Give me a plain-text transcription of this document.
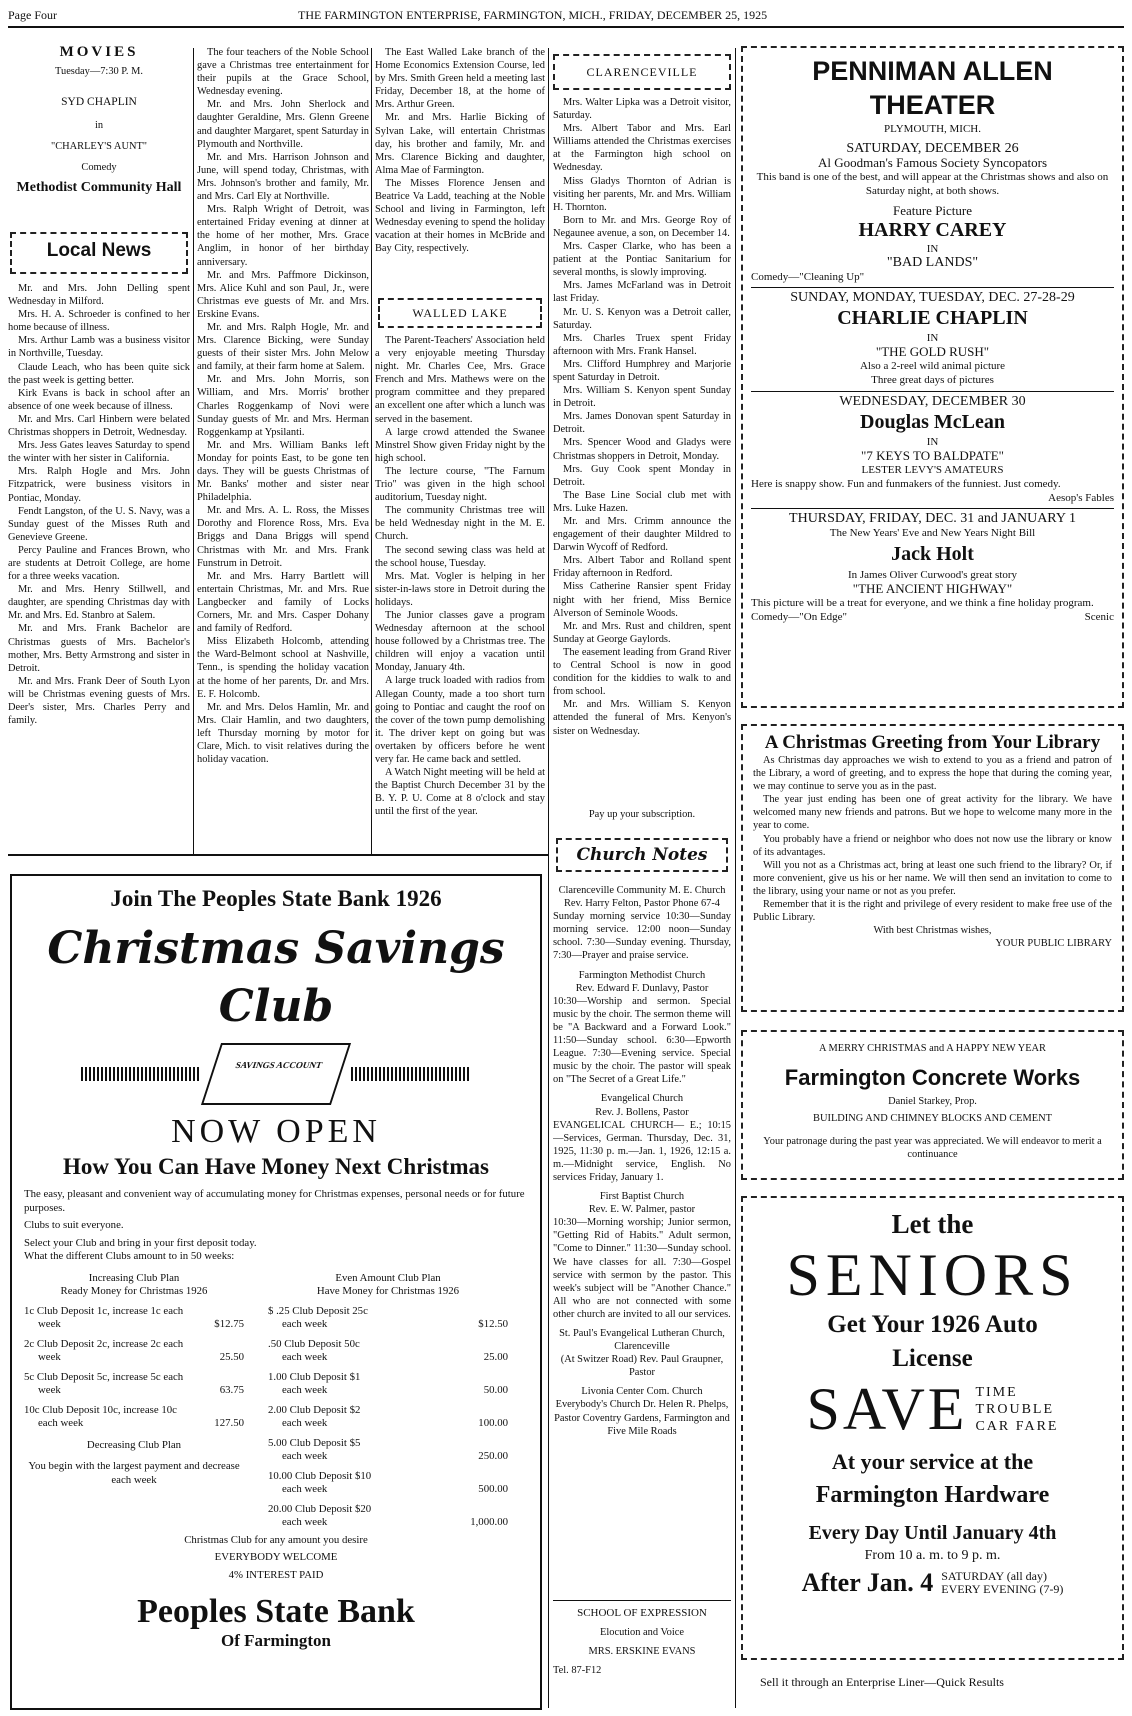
Page Four	THE FARMINGTON ENTERPRISE, FARMINGTON, MICH., FRIDAY, DECEMBER 25, 1925
MOVIES
Tuesday—7:30 P. M.
SYD CHAPLIN
in
"CHARLEY'S AUNT"
Comedy
Methodist Community Hall
Local News

Mr. and Mrs. John Delling spent Wednesday in Milford.

Mrs. H. A. Schroeder is confined to her home because of illness.

Mrs. Arthur Lamb was a business visitor in Northville, Tuesday.

Claude Leach, who has been quite sick the past week is getting better.

Kirk Evans is back in school after an absence of one week because of illness.

Mr. and Mrs. Carl Hinbern were belated Christmas shoppers in Detroit, Wednesday.

Mrs. Jess Gates leaves Saturday to spend the winter with her sister in California.

Mrs. Ralph Hogle and Mrs. John Fitzpatrick, were business visitors in Pontiac, Monday.

Fendt Langston, of the U. S. Navy, was a Sunday guest of the Misses Ruth and Genevieve Greene.

Percy Pauline and Frances Brown, who are students at Detroit College, are home for a three weeks vacation.

Mr. and Mrs. Henry Stillwell, and daughter, are spending Christmas day with Mr. and Mrs. Ed. Stanbro at Salem.

Mr. and Mrs. Frank Bachelor are Christmas guests of Mrs. Bachelor's mother, Mrs. Betty Armstrong and sister in Detroit.

Mr. and Mrs. Frank Deer of South Lyon will be Christmas evening guests of Mrs. Deer's sister, Mrs. Charles Perry and family.

The four teachers of the Noble School gave a Christmas tree entertainment for their pupils at the Grace School, Wednesday evening.

Mr. and Mrs. John Sherlock and daughter Geraldine, Mrs. Glenn Greene and daughter Margaret, spent Saturday in Plymouth and Northville.

Mr. and Mrs. Harrison Johnson and June, will spend today, Christmas, with Mrs. Johnson's brother and family, Mr. and Mrs. Carl Ely at Northville.

Mrs. Ralph Wright of Detroit, was entertained Friday evening at dinner at the home of her mother, Mrs. Grace Anglim, in honor of her birthday anniversary.

Mr. and Mrs. Paffmore Dickinson, Mrs. Alice Kuhl and son Paul, Jr., were Christmas eve guests of Mr. and Mrs. Erskine Evans.

Mr. and Mrs. Ralph Hogle, Mr. and Mrs. Clarence Bicking, were Sunday guests of their sister Mrs. John Melow and family, at their farm home at Salem.

Mr. and Mrs. John Morris, son William, and Mrs. Morris' brother Charles Roggenkamp of Novi were Sunday guests of Mr. and Mrs. Herman Roggenkamp at Ypsilanti.

Mr. and Mrs. William Banks left Monday for points East, to be gone ten days. They will be guests Christmas of Mr. Banks' mother and sister near Philadelphia.

Mr. and Mrs. A. L. Ross, the Misses Dorothy and Florence Ross, Mrs. Eva Briggs and Dana Briggs will spend Christmas with Mr. and Mrs. Frank Funstrum in Detroit.

Mr. and Mrs. Harry Bartlett will entertain Christmas, Mr. and Mrs. Rue Langbecker and family of Locks Corners, Mr. and Mrs. Casper Dohany and family of Redford.

Miss Elizabeth Holcomb, attending the Ward-Belmont school at Nashville, Tenn., is spending the holiday vacation at the home of her parents, Dr. and Mrs. E. F. Holcomb.

Mr. and Mrs. Delos Hamlin, Mr. and Mrs. Clair Hamlin, and two daughters, left Thursday morning by motor for Clare, Mich. to visit relatives during the holiday vacation.

The East Walled Lake branch of the Home Economics Extension Course, led by Mrs. Smith Green held a meeting last Friday, December 18, at the home of Mrs. Arthur Green.

Mr. and Mrs. Harlie Bicking of Sylvan Lake, will entertain Christmas day, his brother and family, Mr. and Mrs. Clarence Bicking and daughter, Alma Mae of Farmington.

The Misses Florence Jensen and Beatrice Va Ladd, teaching at the Noble School and living in Farmington, left Wednesday evening to spend the holiday vacation at their homes in McBride and Bay City, respectively.

WALLED LAKE

The Parent-Teachers' Association held a very enjoyable meeting Thursday night. Mr. Charles Cee, Mrs. Grace French and Mrs. Mathews were on the program committee and they prepared an excellent one after which a lunch was served in the basement.

A large crowd attended the Swanee Minstrel Show given Friday night by the high school.

The lecture course, "The Farnum Trio" was given in the high school auditorium, Tuesday night.

The community Christmas tree will be held Wednesday night in the M. E. Church.

The second sewing class was held at the school house, Tuesday.

Mrs. Mat. Vogler is helping in her sister-in-laws store in Detroit during the holidays.

The Junior classes gave a program Wednesday afternoon at the school house followed by a Christmas tree. The children will enjoy a vacation until Monday, January 4th.

A large truck loaded with radios from Allegan County, made a too short turn going to Pontiac and caught the roof on the cover of the town pump demolishing it. The driver kept on going but was overtaken by officers before he went very far. He came back and settled.

A Watch Night meeting will be held at the Baptist Church December 31 by the B. Y. P. U. Come at 8 o'clock and stay until the first of the year.

CLARENCEVILLE

Mrs. Walter Lipka was a Detroit visitor, Saturday.

Mrs. Albert Tabor and Mrs. Earl Williams attended the Christmas exercises at the Farmington high school on Wednesday.

Miss Gladys Thornton of Adrian is visiting her parents, Mr. and Mrs. William H. Thornton.

Born to Mr. and Mrs. George Roy of Negaunee avenue, a son, on December 14.

Mrs. Casper Clarke, who has been a patient at the Pontiac Sanitarium for several months, is slowly improving.

Mrs. James McFarland was in Detroit last Friday.

Mr. U. S. Kenyon was a Detroit caller, Saturday.

Mrs. Charles Truex spent Friday afternoon with Mrs. Frank Hansel.

Mrs. Clifford Humphrey and Marjorie spent Saturday in Detroit.

Mrs. William S. Kenyon spent Sunday in Detroit.

Mrs. James Donovan spent Saturday in Detroit.

Mrs. Spencer Wood and Gladys were Christmas shoppers in Detroit, Monday.

Mrs. Guy Cook spent Monday in Detroit.

The Base Line Social club met with Mrs. Luke Hazen.

Mr. and Mrs. Crimm announce the engagement of their daughter Mildred to Darwin Wycoff of Redford.

Mrs. Albert Tabor and Rolland spent Friday afternoon in Redford.

Miss Catherine Ransier spent Friday night with her friend, Miss Bernice Alverson of Seminole Woods.

Mr. and Mrs. Rust and children, spent Sunday at George Gaylords.

The easement leading from Grand River to Central School is now in good condition for the kiddies to walk to and from school.

Mr. and Mrs. William S. Kenyon attended the funeral of Mrs. Kenyon's sister on Wednesday.

Pay up your subscription.
Church Notes
Clarenceville Community M. E. Church
Rev. Harry Felton, Pastor Phone 67-4
Sunday morning service 10:30—Sunday morning service. 12:00 noon—Sunday school. 7:30—Sunday evening. Thursday, 7:30—Prayer and praise service.
Farmington Methodist Church
Rev. Edward F. Dunlavy, Pastor
10:30—Worship and sermon. Special music by the choir. The sermon theme will be "A Backward and a Forward Look." 11:50—Sunday school. 6:30—Epworth League. 7:30—Evening service. Special music by the choir. The pastor will speak on "The Secret of a Great Life."
Evangelical Church
Rev. J. Bollens, Pastor
EVANGELICAL CHURCH— E.; 10:15—Services, German. Thursday, Dec. 31, 1925, 11:30 p. m.—Jan. 1, 1926, 12:15 a. m.—Midnight service, English. No services Friday, January 1.
First Baptist Church
Rev. E. W. Palmer, pastor
10:30—Morning worship; Junior sermon, "Getting Rid of Habits." Adult sermon, "Come to Dinner." 11:30—Sunday school. We have classes for all. 7:30—Gospel service with sermon by the pastor. This week's subject will be "Another Chance." All who are not connected with some other church are invited to all our services.
St. Paul's Evangelical Lutheran Church, Clarenceville
(At Switzer Road) Rev. Paul Graupner, Pastor
Livonia Center Com. Church
Everybody's Church Dr. Helen R. Phelps, Pastor Coventry Gardens, Farmington and Five Mile Roads
SCHOOL OF EXPRESSION
Elocution and Voice
MRS. ERSKINE EVANS
Tel. 87-F12
PENNIMAN ALLEN THEATER
PLYMOUTH, MICH.
SATURDAY, DECEMBER 26
Al Goodman's Famous Society Syncopators
This band is one of the best, and will appear at the Christmas shows and also on Saturday night, at both shows.
Feature Picture
HARRY CAREY
IN
"BAD LANDS"
Comedy—"Cleaning Up"
SUNDAY, MONDAY, TUESDAY, DEC. 27-28-29
CHARLIE CHAPLIN
IN
"THE GOLD RUSH"
Also a 2-reel wild animal picture
Three great days of pictures
WEDNESDAY, DECEMBER 30
Douglas McLean
IN
"7 KEYS TO BALDPATE"
LESTER LEVY'S AMATEURS
Here is snappy show. Fun and funmakers of the funniest. Just comedy.
Aesop's Fables
THURSDAY, FRIDAY, DEC. 31 and JANUARY 1
The New Years' Eve and New Years Night Bill
Jack Holt
In James Oliver Curwood's great story
"THE ANCIENT HIGHWAY"
This picture will be a treat for everyone, and we think a fine holiday program.
Comedy—"On Edge"	Scenic
A Christmas Greeting from Your Library

As Christmas day approaches we wish to extend to you as a friend and patron of the Library, a word of greeting, and to express the hope that during the coming year, we may continue to serve you as in the past.

The year just ending has been one of great activity for the library. We have welcomed many new friends and patrons. But we hope to welcome many more in the year to come.

You probably have a friend or neighbor who does not now use the library or know of its advantages.

Will you not as a Christmas act, bring at least one such friend to the library? Or, if more convenient, give us his or her name. We will then send an invitation to come to the library, using your name or not as you prefer.

Remember that it is the right and privilege of every resident to make free use of the Public Library.

With best Christmas wishes,
YOUR PUBLIC LIBRARY
A MERRY CHRISTMAS and A HAPPY NEW YEAR
Farmington Concrete Works
Daniel Starkey, Prop.
BUILDING AND CHIMNEY BLOCKS AND CEMENT
Your patronage during the past year was appreciated. We will endeavor to merit a continuance
Let the
SENIORS
Get Your 1926 Auto
License
SAVE TIME
TROUBLE
CAR FARE
At your service at the
Farmington Hardware
Every Day Until January 4th
From 10 a. m. to 9 p. m.
After Jan. 4 SATURDAY (all day)
EVERY EVENING (7-9)
Sell it through an Enterprise Liner—Quick Results
Join The Peoples State Bank 1926
Christmas Savings Club
SAVINGS ACCOUNT
NOW OPEN
How You Can Have Money Next Christmas
The easy, pleasant and convenient way of accumulating money for Christmas expenses, personal needs or for future purposes.
Clubs to suit everyone.
Select your Club and bring in your first deposit today.
What the different Clubs amount to in 50 weeks:
Increasing Club Plan
Ready Money for Christmas 1926
1c Club Deposit 1c, increase 1c each
week	$12.75
2c Club Deposit 2c, increase 2c each
week	25.50
5c Club Deposit 5c, increase 5c each
week	63.75
10c Club Deposit 10c, increase 10c
each week	127.50
Decreasing Club Plan
You begin with the largest payment and decrease each week
Even Amount Club Plan
Have Money for Christmas 1926
$ .25 Club Deposit 25c
each week	$12.50
.50 Club Deposit 50c
each week	25.00
1.00 Club Deposit $1
each week	50.00
2.00 Club Deposit $2
each week	100.00
5.00 Club Deposit $5
each week	250.00
10.00 Club Deposit $10
each week	500.00
20.00 Club Deposit $20
each week	1,000.00
Christmas Club for any amount you desire
EVERYBODY WELCOME
4% INTEREST PAID
Peoples State Bank
Of Farmington
